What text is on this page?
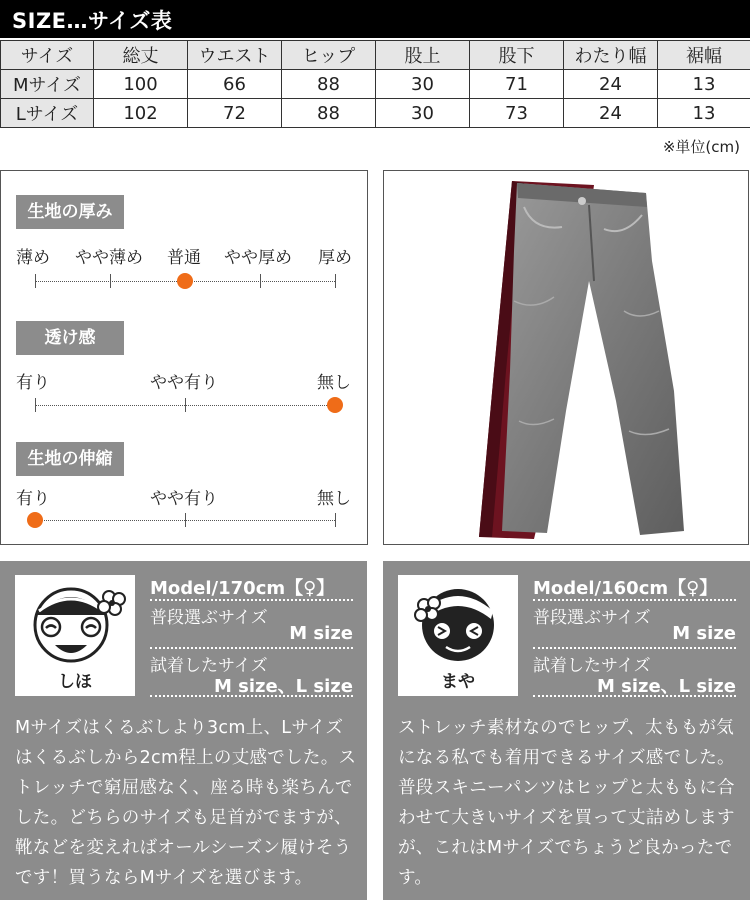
SIZE…サイズ表
サイズ	総丈	ウエスト	ヒップ	股上	股下	わたり幅	裾幅
Mサイズ	100	66	88	30	71	24	13
Lサイズ	102	72	88	30	73	24	13
※単位(cm)
生地の厚み
薄め やや薄め 普通 やや厚め 厚め
透け感
有り	やや有り	無し
生地の伸縮
有り	やや有り	無し
しほ
Model/170cm【♀】
普段選ぶサイズ
M size
試着したサイズ
M size、L size
Mサイズはくるぶしより3cm上、Lサイズはくるぶしから2cm程上の丈感でした。ストレッチで窮屈感なく、座る時も楽ちんでした。どちらのサイズも足首がでますが、靴などを変えればオールシーズン履けそうです！買うならMサイズを選びます。
まや
Model/160cm【♀】
普段選ぶサイズ
M size
試着したサイズ
M size、L size
ストレッチ素材なのでヒップ、太ももが気になる私でも着用できるサイズ感でした。普段スキニーパンツはヒップと太ももに合わせて大きいサイズを買って丈詰めしますが、これはMサイズでちょうど良かったです。
